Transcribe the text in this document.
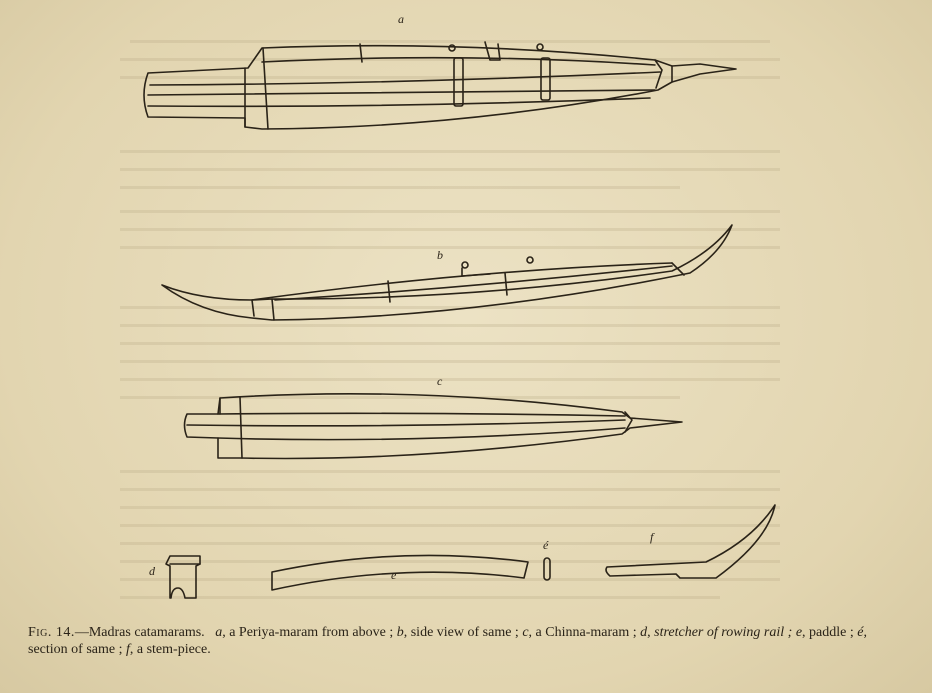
a
b
c
d	e
é
f
Fig. 14.—Madras catamarams. a, a Periya-maram from above ; b, side view of same ; c, a Chinna-maram ; d, stretcher of rowing rail ; e, paddle ; é, section of same ; f, a stem-piece.
